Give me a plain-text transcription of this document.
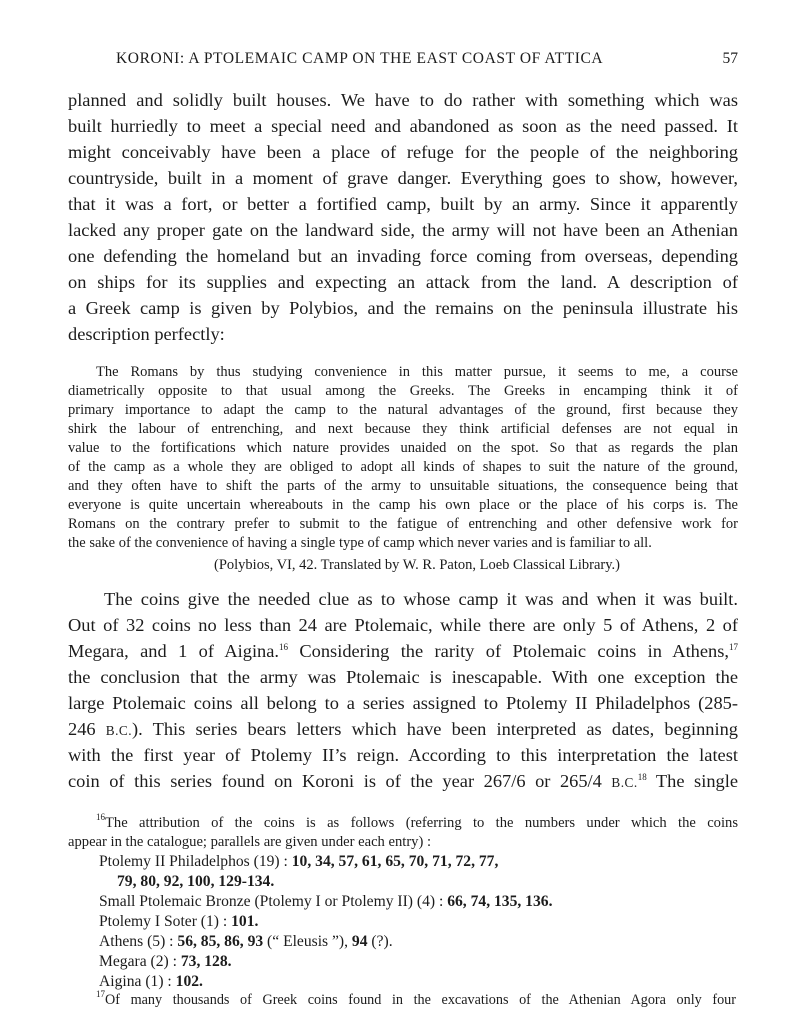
KORONI: A PTOLEMAIC CAMP ON THE EAST COAST OF ATTICA	57
planned and solidly built houses. We have to do rather with something which was
built hurriedly to meet a special need and abandoned as soon as the need passed. It
might conceivably have been a place of refuge for the people of the neighboring
countryside, built in a moment of grave danger. Everything goes to show, however,
that it was a fort, or better a fortified camp, built by an army. Since it apparently
lacked any proper gate on the landward side, the army will not have been an Athenian
one defending the homeland but an invading force coming from overseas, depending
on ships for its supplies and expecting an attack from the land. A description of
a Greek camp is given by Polybios, and the remains on the peninsula illustrate his
description perfectly:
The Romans by thus studying convenience in this matter pursue, it seems to me, a course
diametrically opposite to that usual among the Greeks. The Greeks in encamping think it of
primary importance to adapt the camp to the natural advantages of the ground, first because they
shirk the labour of entrenching, and next because they think artificial defenses are not equal in
value to the fortifications which nature provides unaided on the spot. So that as regards the plan
of the camp as a whole they are obliged to adopt all kinds of shapes to suit the nature of the ground,
and they often have to shift the parts of the army to unsuitable situations, the consequence being that
everyone is quite uncertain whereabouts in the camp his own place or the place of his corps is. The
Romans on the contrary prefer to submit to the fatigue of entrenching and other defensive work for
the sake of the convenience of having a single type of camp which never varies and is familiar to all.
(Polybios, VI, 42. Translated by W. R. Paton, Loeb Classical Library.)
The coins give the needed clue as to whose camp it was and when it was built.
Out of 32 coins no less than 24 are Ptolemaic, while there are only 5 of Athens, 2 of
Megara, and 1 of Aigina.$^{16}$ Considering the rarity of Ptolemaic coins in Athens,$^{17}$
the conclusion that the army was Ptolemaic is inescapable. With one exception the
large Ptolemaic coins all belong to a series assigned to Ptolemy II Philadelphos (285-
246 B.C.). This series bears letters which have been interpreted as dates, beginning
with the first year of Ptolemy II’s reign. According to this interpretation the latest
coin of this series found on Koroni is of the year 267/6 or 265/4 B.C.$^{18}$ The single
$^{16}$The attribution of the coins is as follows (referring to the numbers under which the coins
appear in the catalogue; parallels are given under each entry) :
Ptolemy II Philadelphos (19) : 10, 34, 57, 61, 65, 70, 71, 72, 77,
79, 80, 92, 100, 129-134.
Small Ptolemaic Bronze (Ptolemy I or Ptolemy II) (4) : 66, 74, 135, 136.
Ptolemy I Soter (1) : 101.
Athens (5) : 56, 85, 86, 93 (“ Eleusis ”), 94 (?).
Megara (2) : 73, 128.
Aigina (1) : 102.
$^{17}$Of many thousands of Greek coins found in the excavations of the Athenian Agora only four
